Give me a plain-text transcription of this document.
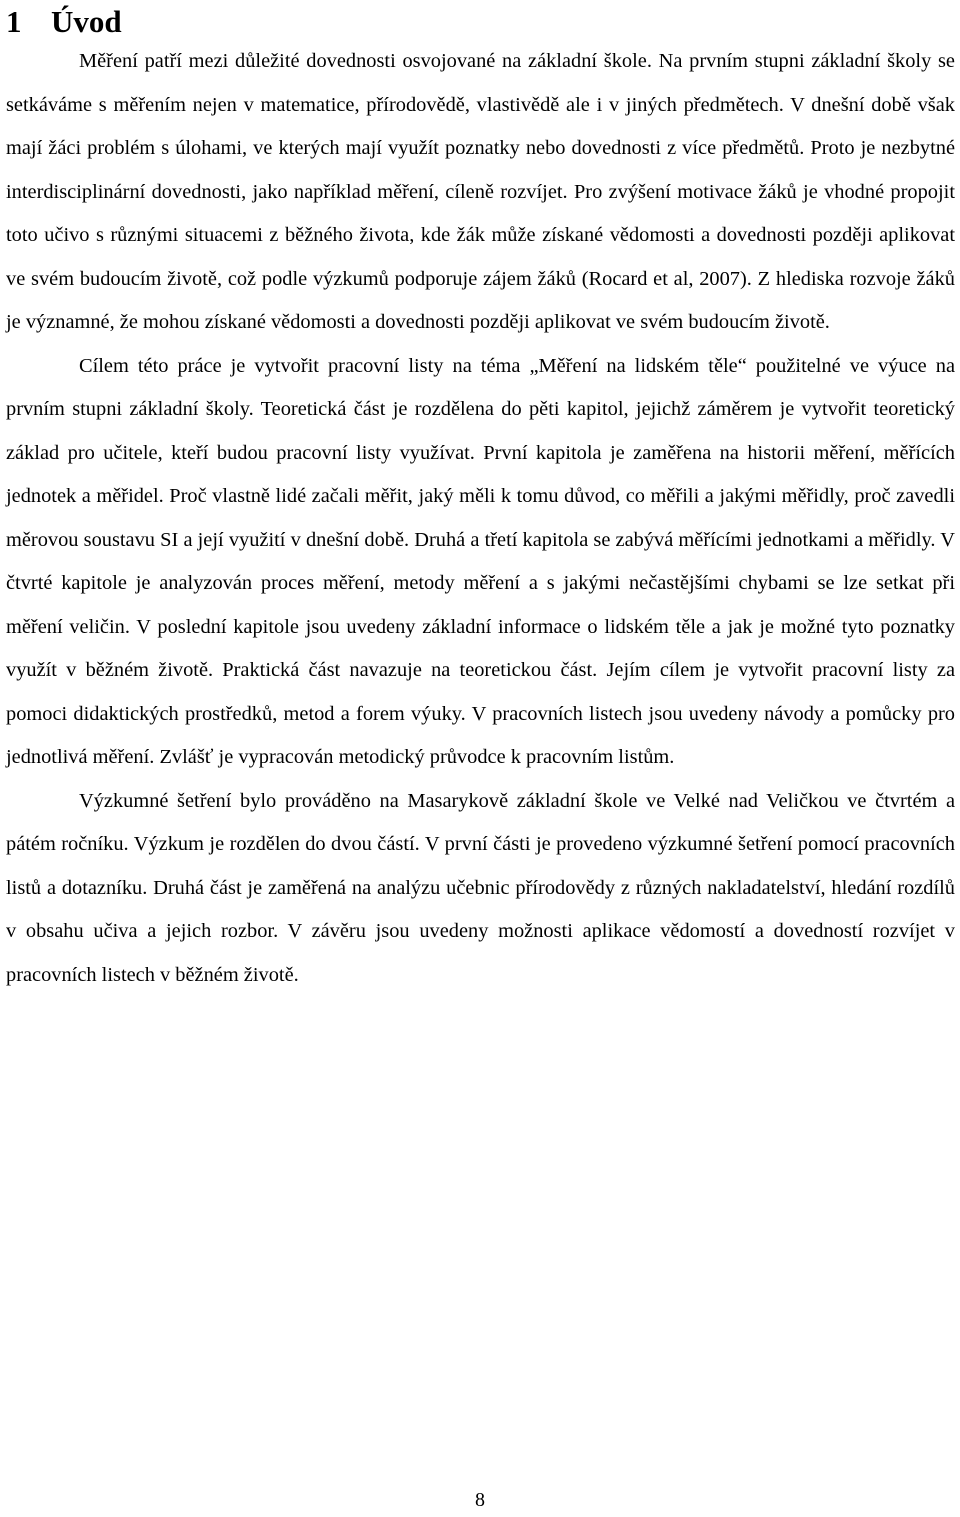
1 Úvod

Měření patří mezi důležité dovednosti osvojované na základní škole. Na prvním stupni základní školy se setkáváme s měřením nejen v matematice, přírodovědě, vlastivědě ale i v jiných předmětech. V dnešní době však mají žáci problém s úlohami, ve kterých mají využít poznatky nebo dovednosti z více předmětů. Proto je nezbytné interdisciplinární dovednosti, jako například měření, cíleně rozvíjet. Pro zvýšení motivace žáků je vhodné propojit toto učivo s různými situacemi z běžného života, kde žák může získané vědomosti a dovednosti později aplikovat ve svém budoucím životě, což podle výzkumů podporuje zájem žáků (Rocard et al, 2007). Z hlediska rozvoje žáků je významné, že mohou získané vědomosti a dovednosti později aplikovat ve svém budoucím životě.

Cílem této práce je vytvořit pracovní listy na téma „Měření na lidském těle“ použitelné ve výuce na prvním stupni základní školy. Teoretická část je rozdělena do pěti kapitol, jejichž záměrem je vytvořit teoretický základ pro učitele, kteří budou pracovní listy využívat. První kapitola je zaměřena na historii měření, měřících jednotek a měřidel. Proč vlastně lidé začali měřit, jaký měli k tomu důvod, co měřili a jakými měřidly, proč zavedli měrovou soustavu SI a její využití v dnešní době. Druhá a třetí kapitola se zabývá měřícími jednotkami a měřidly. V čtvrté kapitole je analyzován proces měření, metody měření a s jakými nečastějšími chybami se lze setkat při měření veličin. V poslední kapitole jsou uvedeny základní informace o lidském těle a jak je možné tyto poznatky využít v běžném životě. Praktická část navazuje na teoretickou část. Jejím cílem je vytvořit pracovní listy za pomoci didaktických prostředků, metod a forem výuky. V pracovních listech jsou uvedeny návody a pomůcky pro jednotlivá měření. Zvlášť je vypracován metodický průvodce k pracovním listům.

Výzkumné šetření bylo prováděno na Masarykově základní škole ve Velké nad Veličkou ve čtvrtém a pátém ročníku. Výzkum je rozdělen do dvou částí. V první části je provedeno výzkumné šetření pomocí pracovních listů a dotazníku. Druhá část je zaměřená na analýzu učebnic přírodovědy z různých nakladatelství, hledání rozdílů v obsahu učiva a jejich rozbor. V závěru jsou uvedeny možnosti aplikace vědomostí a dovedností rozvíjet v pracovních listech v běžném životě.

8
